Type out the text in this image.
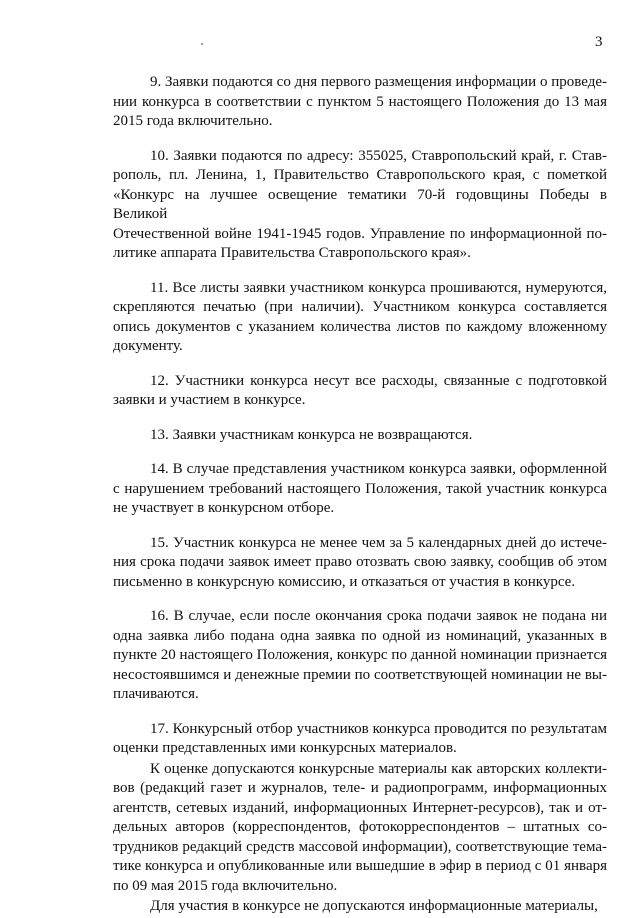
3
9. Заявки подаются со дня первого размещения информации о проведе-
нии конкурса в соответствии с пунктом 5 настоящего Положения до 13 мая
2015 года включительно.
10. Заявки подаются по адресу: 355025, Ставропольский край, г. Став-
рополь, пл. Ленина, 1, Правительство Ставропольского края, с пометкой
«Конкурс на лучшее освещение тематики 70-й годовщины Победы в Великой
Отечественной войне 1941-1945 годов. Управление по информационной по-
литике аппарата Правительства Ставропольского края».
11. Все листы заявки участником конкурса прошиваются, нумеруются,
скрепляются печатью (при наличии). Участником конкурса составляется
опись документов с указанием количества листов по каждому вложенному
документу.
12. Участники конкурса несут все расходы, связанные с подготовкой
заявки и участием в конкурсе.
13. Заявки участникам конкурса не возвращаются.
14. В случае представления участником конкурса заявки, оформленной
с нарушением требований настоящего Положения, такой участник конкурса
не участвует в конкурсном отборе.
15. Участник конкурса не менее чем за 5 календарных дней до истече-
ния срока подачи заявок имеет право отозвать свою заявку, сообщив об этом
письменно в конкурсную комиссию, и отказаться от участия в конкурсе.
16. В случае, если после окончания срока подачи заявок не подана ни
одна заявка либо подана одна заявка по одной из номинаций, указанных в
пункте 20 настоящего Положения, конкурс по данной номинации признается
несостоявшимся и денежные премии по соответствующей номинации не вы-
плачиваются.
17. Конкурсный отбор участников конкурса проводится по результатам
оценки представленных ими конкурсных материалов.
К оценке допускаются конкурсные материалы как авторских коллекти-
вов (редакций газет и журналов, теле- и радиопрограмм, информационных
агентств, сетевых изданий, информационных Интернет-ресурсов), так и от-
дельных авторов (корреспондентов, фотокорреспондентов – штатных со-
трудников редакций средств массовой информации), соответствующие тема-
тике конкурса и опубликованные или вышедшие в эфир в период с 01 января
по 09 мая 2015 года включительно.
Для участия в конкурсе не допускаются информационные материалы,
